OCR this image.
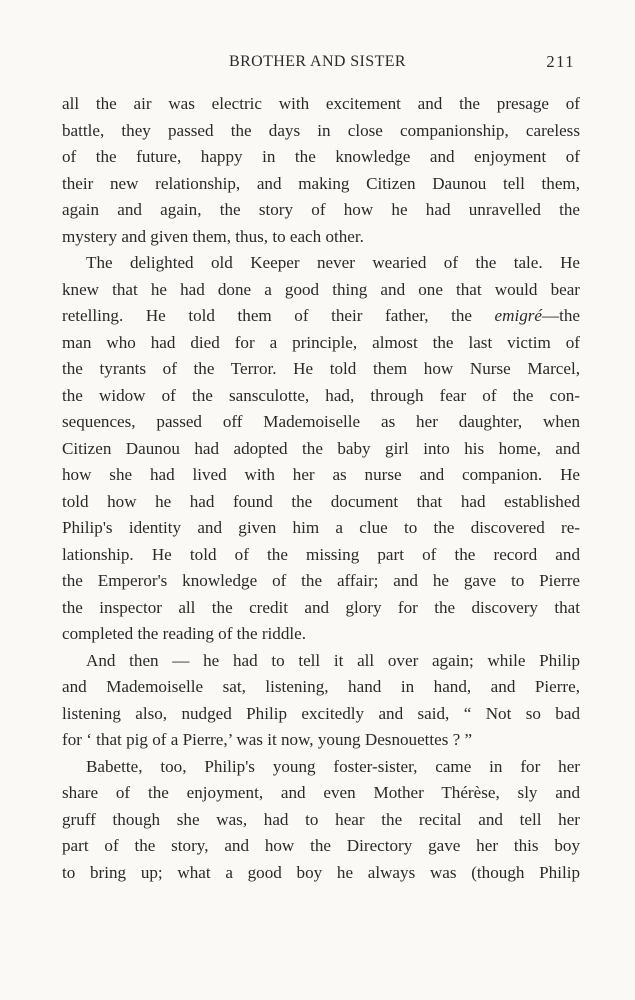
BROTHER AND SISTER	211
all the air was electric with excitement and the presage of
battle, they passed the days in close companionship, careless
of the future, happy in the knowledge and enjoyment of
their new relationship, and making Citizen Daunou tell them,
again and again, the story of how he had unravelled the
mystery and given them, thus, to each other.
The delighted old Keeper never wearied of the tale. He
knew that he had done a good thing and one that would bear
retelling. He told them of their father, the emigré—the
man who had died for a principle, almost the last victim of
the tyrants of the Terror. He told them how Nurse Marcel,
the widow of the sansculotte, had, through fear of the con-
sequences, passed off Mademoiselle as her daughter, when
Citizen Daunou had adopted the baby girl into his home, and
how she had lived with her as nurse and companion. He
told how he had found the document that had established
Philip's identity and given him a clue to the discovered re-
lationship. He told of the missing part of the record and
the Emperor's knowledge of the affair; and he gave to Pierre
the inspector all the credit and glory for the discovery that
completed the reading of the riddle.
And then — he had to tell it all over again; while Philip
and Mademoiselle sat, listening, hand in hand, and Pierre,
listening also, nudged Philip excitedly and said, “ Not so bad
for ‘ that pig of a Pierre,’ was it now, young Desnouettes ? ”
Babette, too, Philip's young foster-sister, came in for her
share of the enjoyment, and even Mother Thérèse, sly and
gruff though she was, had to hear the recital and tell her
part of the story, and how the Directory gave her this boy
to bring up; what a good boy he always was (though Philip
